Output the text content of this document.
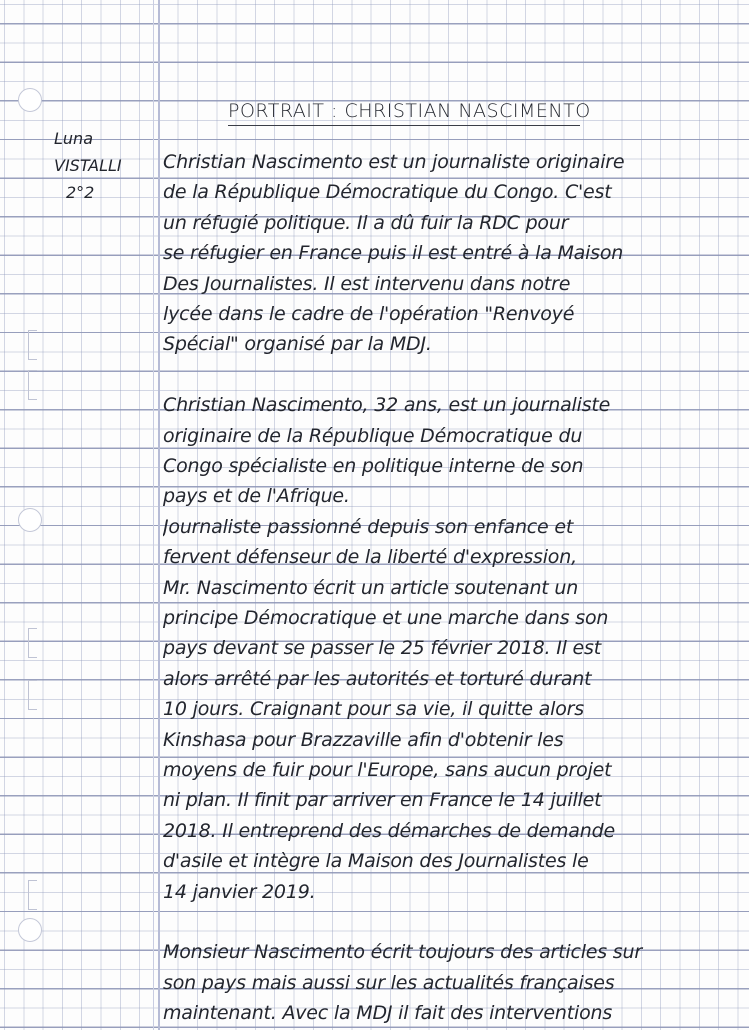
PORTRAIT : CHRISTIAN NASCIMENTO
Luna
VISTALLI
2°2
Christian Nascimento est un journaliste originaire
de la République Démocratique du Congo. C'est
un réfugié politique. Il a dû fuir la RDC pour
se réfugier en France puis il est entré à la Maison
Des Journalistes. Il est intervenu dans notre
lycée dans le cadre de l'opération "Renvoyé
Spécial" organisé par la MDJ.
Christian Nascimento, 32 ans, est un journaliste
originaire de la République Démocratique du
Congo spécialiste en politique interne de son
pays et de l'Afrique.
Journaliste passionné depuis son enfance et
fervent défenseur de la liberté d'expression,
Mr. Nascimento écrit un article soutenant un
principe Démocratique et une marche dans son
pays devant se passer le 25 février 2018. Il est
alors arrêté par les autorités et torturé durant
10 jours. Craignant pour sa vie, il quitte alors
Kinshasa pour Brazzaville afin d'obtenir les
moyens de fuir pour l'Europe, sans aucun projet
ni plan. Il finit par arriver en France le 14 juillet
2018. Il entreprend des démarches de demande
d'asile et intègre la Maison des Journalistes le
14 janvier 2019.
Monsieur Nascimento écrit toujours des articles sur
son pays mais aussi sur les actualités françaises
maintenant. Avec la MDJ il fait des interventions
